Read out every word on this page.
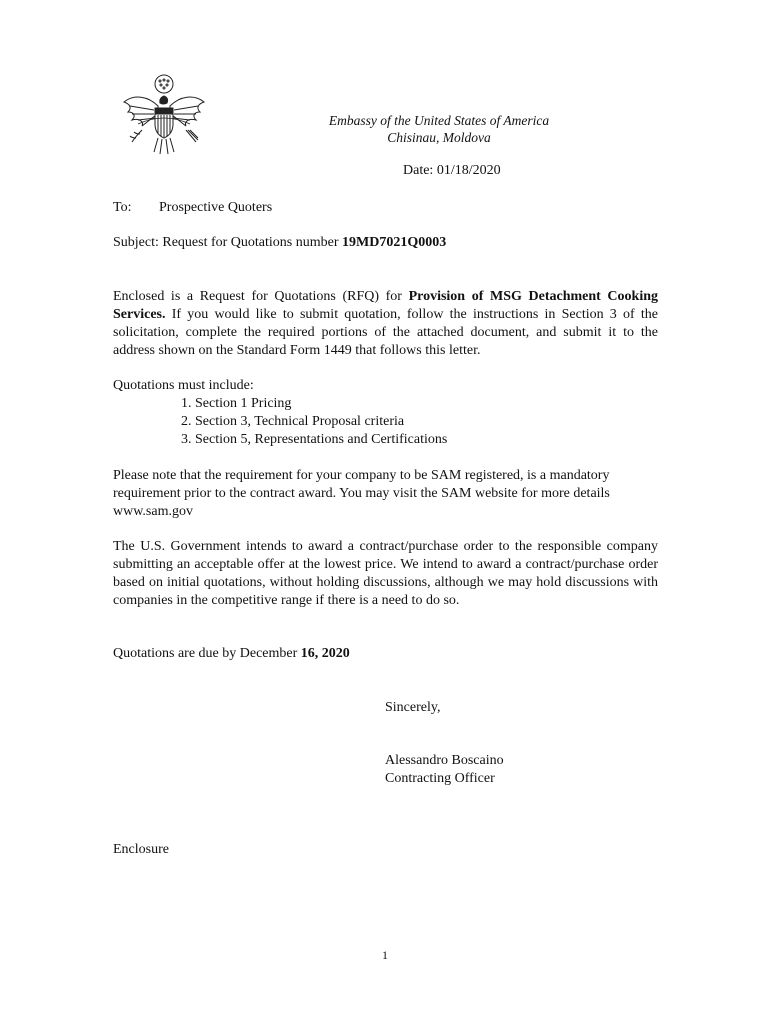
Embassy of the United States of America
Chisinau, Moldova
Date: 01/18/2020
To: Prospective Quoters
Subject: Request for Quotations number 19MD7021Q0003
Enclosed is a Request for Quotations (RFQ) for Provision of MSG Detachment Cooking Services. If you would like to submit quotation, follow the instructions in Section 3 of the solicitation, complete the required portions of the attached document, and submit it to the address shown on the Standard Form 1449 that follows this letter.
Quotations must include:
1. Section 1 Pricing
2. Section 3, Technical Proposal criteria
3. Section 5, Representations and Certifications
Please note that the requirement for your company to be SAM registered, is a mandatory requirement prior to the contract award. You may visit the SAM website for more details www.sam.gov
The U.S. Government intends to award a contract/purchase order to the responsible company submitting an acceptable offer at the lowest price. We intend to award a contract/purchase order based on initial quotations, without holding discussions, although we may hold discussions with companies in the competitive range if there is a need to do so.
Quotations are due by December 16, 2020
Sincerely,
Alessandro Boscaino
Contracting Officer
Enclosure
1
